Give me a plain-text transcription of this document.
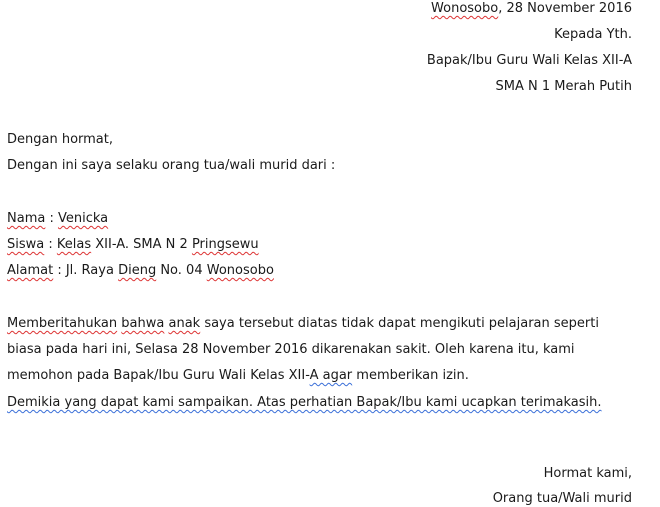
Wonosobo, 28 November 2016
Kepada Yth.
Bapak/Ibu Guru Wali Kelas XII-A
SMA N 1 Merah Putih
Dengan hormat,
Dengan ini saya selaku orang tua/wali murid dari :
Nama : Venicka
Siswa : Kelas XII-A. SMA N 2 Pringsewu
Alamat : Jl. Raya Dieng No. 04 Wonosobo
Memberitahukan bahwa anak saya tersebut diatas tidak dapat mengikuti pelajaran seperti
biasa pada hari ini, Selasa 28 November 2016 dikarenakan sakit. Oleh karena itu, kami
memohon pada Bapak/Ibu Guru Wali Kelas XII-A agar memberikan izin.
Demikia yang dapat kami sampaikan. Atas perhatian Bapak/Ibu kami ucapkan terimakasih.
Hormat kami,
Orang tua/Wali murid
